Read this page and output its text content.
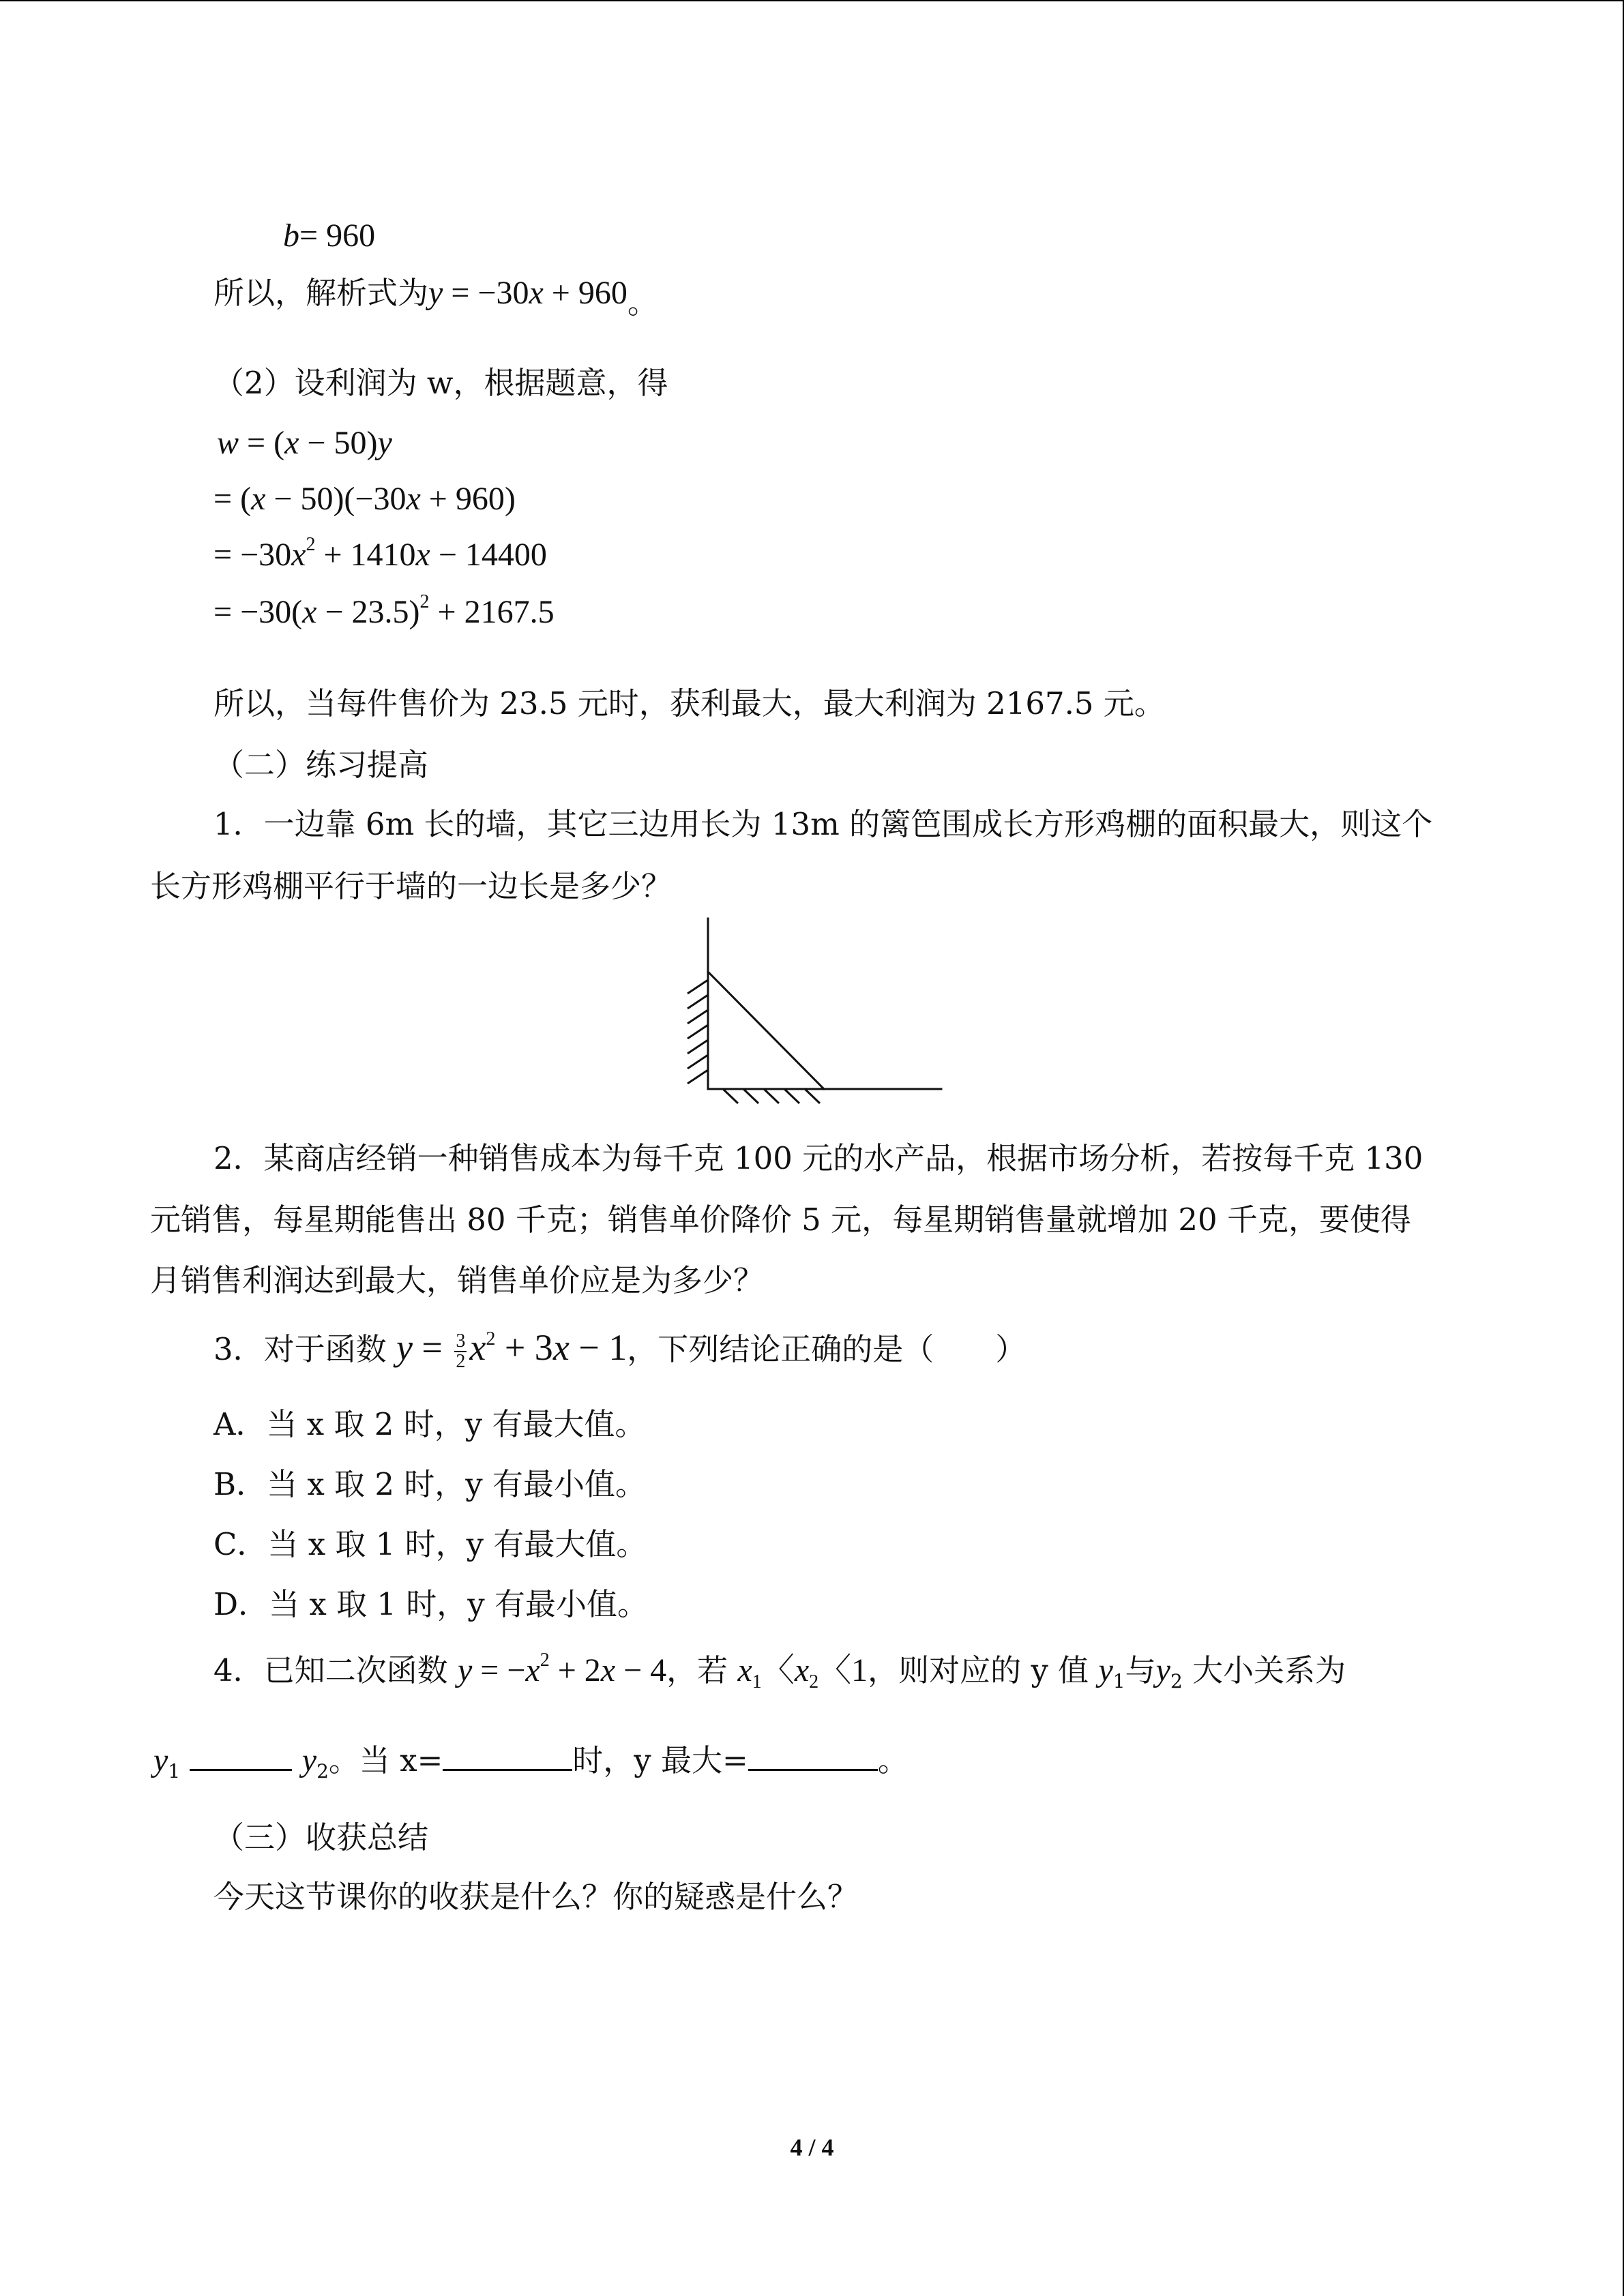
b= 960
所以，解析式为y = −30x + 960。
（2）设利润为 w，根据题意，得
w = (x − 50)y
= (x − 50)(−30x + 960)
= $-30x^2 + 1410x - 14400$
= $-30(x - 23.5)^2 + 2167.5$
所以，当每件售价为 23.5 元时，获利最大，最大利润为 2167.5 元。
（二）练习提高
1．一边靠 6m 长的墙，其它三边用长为 13m 的篱笆围成长方形鸡棚的面积最大，则这个
长方形鸡棚平行于墙的一边长是多少？
2．某商店经销一种销售成本为每千克 100 元的水产品，根据市场分析，若按每千克 130
元销售，每星期能售出 80 千克；销售单价降价 5 元，每星期销售量就增加 20 千克，要使得
月销售利润达到最大，销售单价应是为多少？
3．对于函数 $y = \frac{3}{2} x^2 + 3x - 1$，下列结论正确的是（　　）
A．当 x 取 2 时，y 有最大值。
B．当 x 取 2 时，y 有最小值。
C．当 x 取 1 时，y 有最大值。
D．当 x 取 1 时，y 有最小值。
4．已知二次函数 $y = -x^2 + 2x - 4$，若 $x_1$〈$x_2$〈1，则对应的 y 值 $y_1$与$y_2$ 大小关系为
$y_1$	$y_2$。当 x=	时，y 最大=	。
（三）收获总结
今天这节课你的收获是什么？你的疑惑是什么？
4 / 4
